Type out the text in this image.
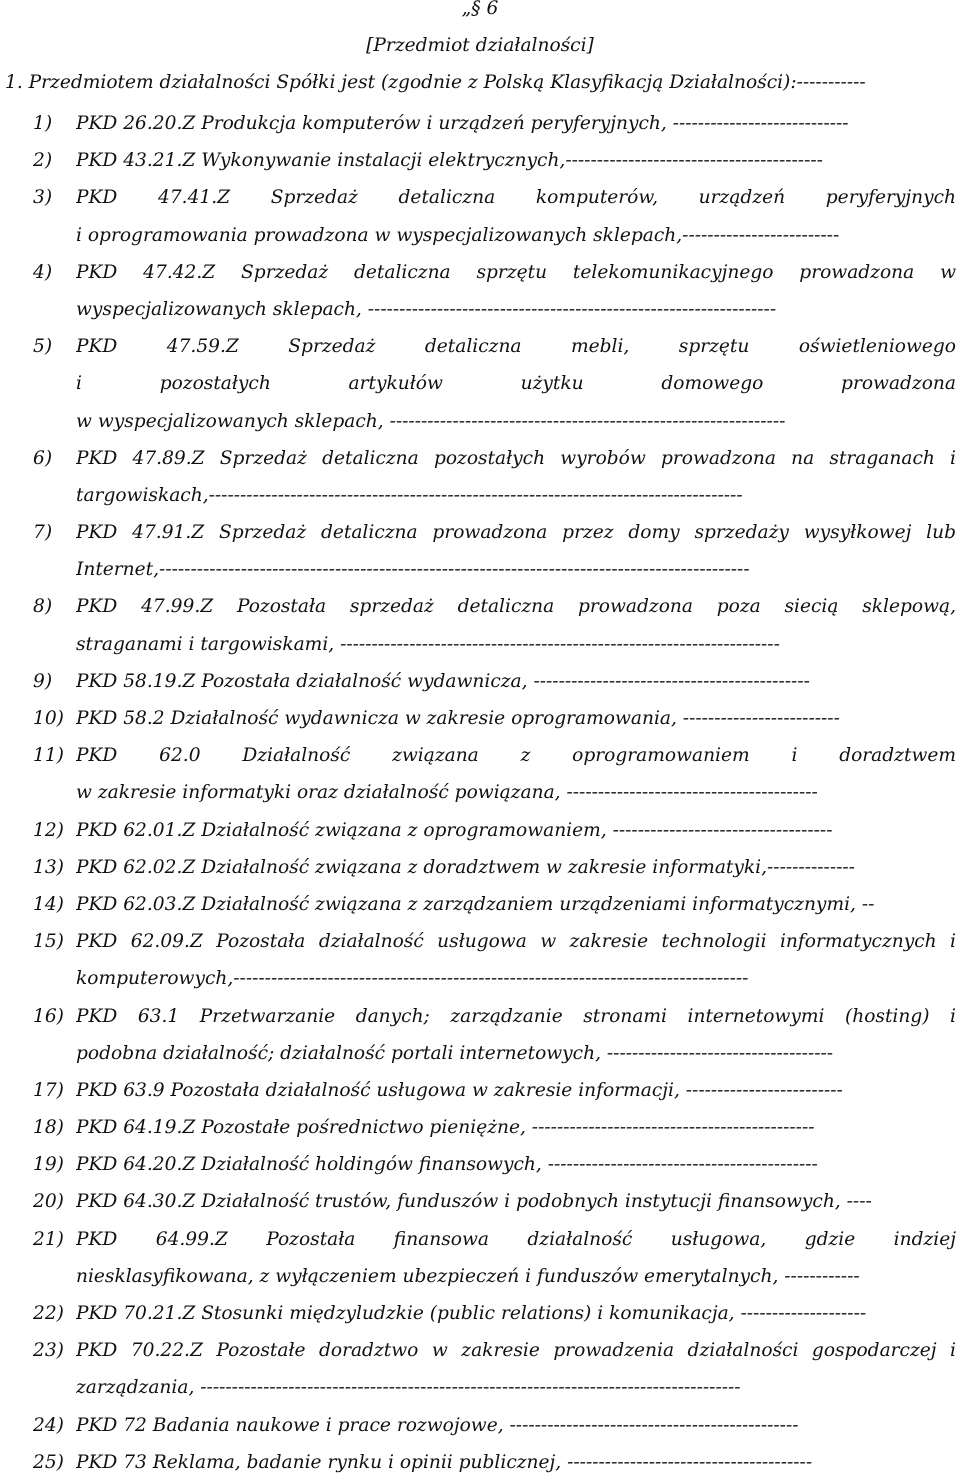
„§ 6
[Przedmiot działalności]
1. Przedmiotem działalności Spółki jest (zgodnie z Polską Klasyfikacją Działalności):-----------
1)	PKD 26.20.Z Produkcja komputerów i urządzeń peryferyjnych, ----------------------------
2)	PKD 43.21.Z Wykonywanie instalacji elektrycznych,-----------------------------------------
3)	PKD 47.41.Z Sprzedaż detaliczna komputerów, urządzeń peryferyjnych
i oprogramowania prowadzona w wyspecjalizowanych sklepach,-------------------------
4)	PKD 47.42.Z Sprzedaż detaliczna sprzętu telekomunikacyjnego prowadzona w
wyspecjalizowanych sklepach, -----------------------------------------------------------------
5)	PKD 47.59.Z Sprzedaż detaliczna mebli, sprzętu oświetleniowego
i pozostałych artykułów użytku domowego prowadzona
w wyspecjalizowanych sklepach, ---------------------------------------------------------------
6)	PKD 47.89.Z Sprzedaż detaliczna pozostałych wyrobów prowadzona na straganach i
targowiskach,-------------------------------------------------------------------------------------
7)	PKD 47.91.Z Sprzedaż detaliczna prowadzona przez domy sprzedaży wysyłkowej lub
Internet,----------------------------------------------------------------------------------------------
8)	PKD 47.99.Z Pozostała sprzedaż detaliczna prowadzona poza siecią sklepową,
straganami i targowiskami, ----------------------------------------------------------------------
9)	PKD 58.19.Z Pozostała działalność wydawnicza, --------------------------------------------
10) PKD 58.2 Działalność wydawnicza w zakresie oprogramowania, -------------------------
11) PKD 62.0 Działalność związana z oprogramowaniem i doradztwem
w zakresie informatyki oraz działalność powiązana, ----------------------------------------
12) PKD 62.01.Z Działalność związana z oprogramowaniem, -----------------------------------
13) PKD 62.02.Z Działalność związana z doradztwem w zakresie informatyki,--------------
14) PKD 62.03.Z Działalność związana z zarządzaniem urządzeniami informatycznymi, --
15) PKD 62.09.Z Pozostała działalność usługowa w zakresie technologii informatycznych i
komputerowych,----------------------------------------------------------------------------------
16) PKD 63.1 Przetwarzanie danych; zarządzanie stronami internetowymi (hosting) i
podobna działalność; działalność portali internetowych, ------------------------------------
17) PKD 63.9 Pozostała działalność usługowa w zakresie informacji, -------------------------
18) PKD 64.19.Z Pozostałe pośrednictwo pieniężne, ---------------------------------------------
19) PKD 64.20.Z Działalność holdingów finansowych, -------------------------------------------
20) PKD 64.30.Z Działalność trustów, funduszów i podobnych instytucji finansowych, ----
21) PKD 64.99.Z Pozostała finansowa działalność usługowa, gdzie indziej
niesklasyfikowana, z wyłączeniem ubezpieczeń i funduszów emerytalnych, ------------
22) PKD 70.21.Z Stosunki międzyludzkie (public relations) i komunikacja, --------------------
23) PKD 70.22.Z Pozostałe doradztwo w zakresie prowadzenia działalności gospodarczej i
zarządzania, --------------------------------------------------------------------------------------
24) PKD 72 Badania naukowe i prace rozwojowe, ----------------------------------------------
25) PKD 73 Reklama, badanie rynku i opinii publicznej, ---------------------------------------
